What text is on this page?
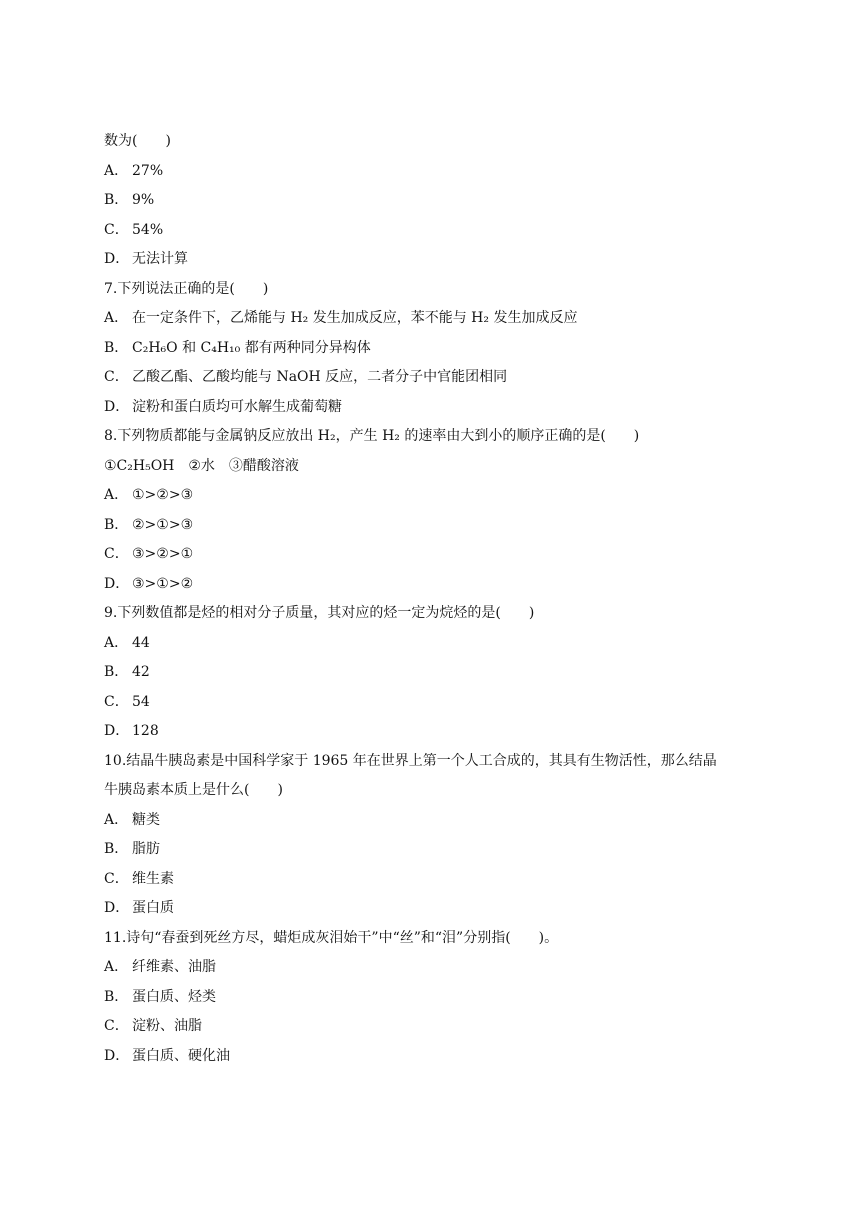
数为(　　)
A． 27%
B． 9%
C． 54%
D． 无法计算
7.下列说法正确的是(　　)
A． 在一定条件下，乙烯能与 H₂ 发生加成反应，苯不能与 H₂ 发生加成反应
B． C₂H₆O 和 C₄H₁₀ 都有两种同分异构体
C． 乙酸乙酯、乙酸均能与 NaOH 反应，二者分子中官能团相同
D． 淀粉和蛋白质均可水解生成葡萄糖
8.下列物质都能与金属钠反应放出 H₂，产生 H₂ 的速率由大到小的顺序正确的是(　　)
①C₂H₅OH　②水　③醋酸溶液
A． ①>②>③
B． ②>①>③
C． ③>②>①
D． ③>①>②
9.下列数值都是烃的相对分子质量，其对应的烃一定为烷烃的是(　　)
A． 44
B． 42
C． 54
D． 128
10.结晶牛胰岛素是中国科学家于 1965 年在世界上第一个人工合成的，其具有生物活性，那么结晶
牛胰岛素本质上是什么(　　)
A． 糖类
B． 脂肪
C． 维生素
D． 蛋白质
11.诗句“春蚕到死丝方尽，蜡炬成灰泪始干”中“丝”和“泪”分别指(　　)。
A． 纤维素、油脂
B． 蛋白质、烃类
C． 淀粉、油脂
D． 蛋白质、硬化油
